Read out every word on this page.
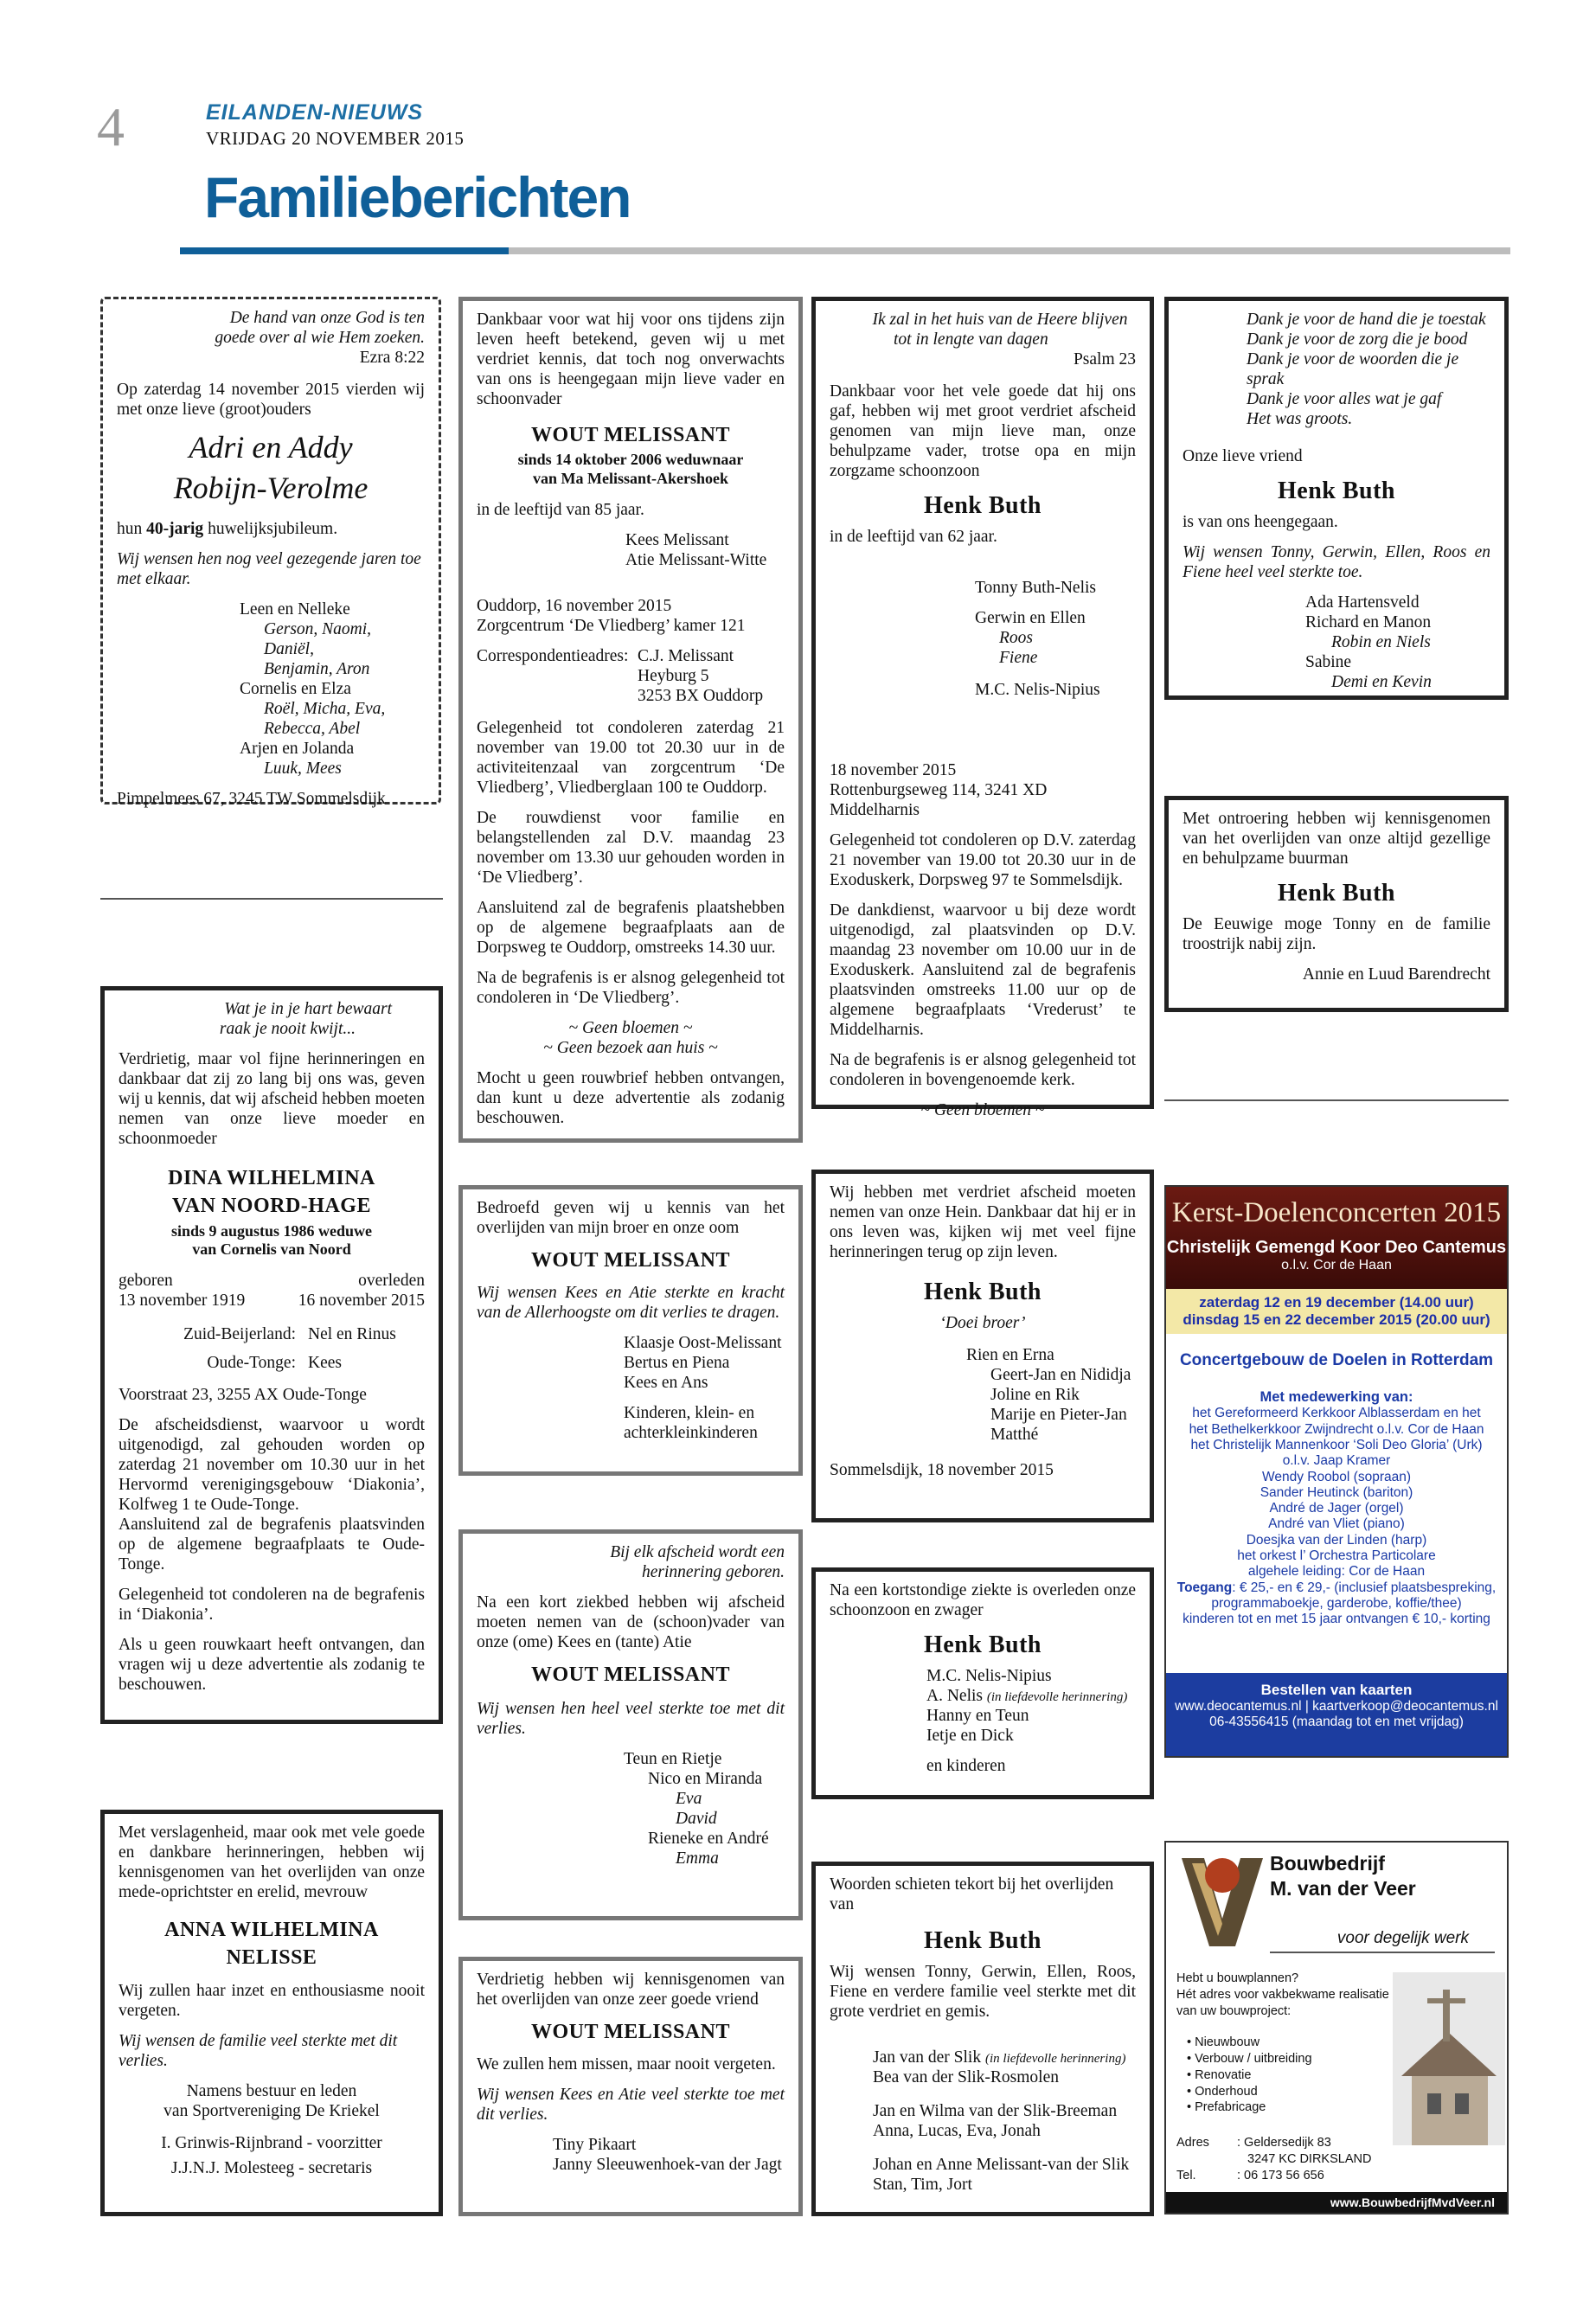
4	EILANDEN-NIEUWS
VRIJDAG 20 NOVEMBER 2015
Familieberichten
De hand van onze God is ten
goede over al wie Hem zoeken.
Ezra 8:22

Op zaterdag 14 november 2015 vierden wij met onze lieve (groot)ouders

Adri en Addy
Robijn-Verolme

hun 40-jarig huwelijksjubileum.

Wij wensen hen nog veel gezegende jaren toe met elkaar.

Leen en Nelleke
Gerson, Naomi, Daniël,
Benjamin, Aron
Cornelis en Elza
Roël, Micha, Eva,
Rebecca, Abel
Arjen en Jolanda
Luuk, Mees
Pimpelmees 67, 3245 TW Sommelsdijk
Wat je in je hart bewaart
raak je nooit kwijt...

Verdrietig, maar vol fijne herinneringen en dankbaar dat zij zo lang bij ons was, geven wij u kennis, dat wij afscheid hebben moeten nemen van onze lieve moeder en schoonmoeder

DINA WILHELMINA
VAN NOORD-HAGE
sinds 9 augustus 1986 weduwe
van Cornelis van Noord
geboren
13 november 1919
overleden
16 november 2015
Zuid-Beijerland: Nel en Rinus
Oude-Tonge: Kees

Voorstraat 23, 3255 AX Oude-Tonge

De afscheidsdienst, waarvoor u wordt uitgenodigd, zal gehouden worden op zaterdag 21 november om 10.30 uur in het Hervormd verenigingsgebouw ‘Diakonia’, Kolfweg 1 te Oude-Tonge.

Aansluitend zal de begrafenis plaatsvinden op de algemene begraafplaats te Oude-Tonge.

Gelegenheid tot condoleren na de begrafenis in ‘Diakonia’.

Als u geen rouwkaart heeft ontvangen, dan vragen wij u deze advertentie als zodanig te beschouwen.

Met verslagenheid, maar ook met vele goede en dankbare herinneringen, hebben wij kennisgenomen van het overlijden van onze mede-oprichtster en erelid, mevrouw

ANNA WILHELMINA
NELISSE

Wij zullen haar inzet en enthousiasme nooit vergeten.

Wij wensen de familie veel sterkte met dit verlies.

Namens bestuur en leden
van Sportvereniging De Kriekel
I. Grinwis-Rijnbrand - voorzitter
J.J.N.J. Molesteeg - secretaris

Dankbaar voor wat hij voor ons tijdens zijn leven heeft betekend, geven wij u met verdriet kennis, dat toch nog onverwachts van ons is heengegaan mijn lieve vader en schoonvader

WOUT MELISSANT
sinds 14 oktober 2006 weduwnaar
van Ma Melissant-Akershoek

in de leeftijd van 85 jaar.

Kees Melissant
Atie Melissant-Witte
Ouddorp, 16 november 2015

Zorgcentrum ‘De Vliedberg’ kamer 121

Correspondentieadres: C.J. Melissant
Heyburg 5
3253 BX Ouddorp

Gelegenheid tot condoleren zaterdag 21 november van 19.00 tot 20.30 uur in de activiteitenzaal van zorgcentrum ‘De Vliedberg’, Vliedberglaan 100 te Ouddorp.

De rouwdienst voor familie en belangstellenden zal D.V. maandag 23 november om 13.30 uur gehouden worden in ‘De Vliedberg’.

Aansluitend zal de begrafenis plaatshebben op de algemene begraafplaats aan de Dorpsweg te Ouddorp, omstreeks 14.30 uur.

Na de begrafenis is er alsnog gelegenheid tot condoleren in ‘De Vliedberg’.

~ Geen bloemen ~

~ Geen bezoek aan huis ~

Mocht u geen rouwbrief hebben ontvangen, dan kunt u deze advertentie als zodanig beschouwen.

Bedroefd geven wij u kennis van het overlijden van mijn broer en onze oom

WOUT MELISSANT

Wij wensen Kees en Atie sterkte en kracht van de Allerhoogste om dit verlies te dragen.

Klaasje Oost-Melissant
Bertus en Piena
Kees en Ans
Kinderen, klein- en
achterkleinkinderen
Bij elk afscheid wordt een
herinnering geboren.

Na een kort ziekbed hebben wij afscheid moeten nemen van de (schoon)vader van onze (ome) Kees en (tante) Atie

WOUT MELISSANT

Wij wensen hen heel veel sterkte toe met dit verlies.

Teun en Rietje
Nico en Miranda
Eva
David
Rieneke en André
Emma

Verdrietig hebben wij kennisgenomen van het overlijden van onze zeer goede vriend

WOUT MELISSANT

We zullen hem missen, maar nooit vergeten.

Wij wensen Kees en Atie veel sterkte toe met dit verlies.

Tiny Pikaart
Janny Sleeuwenhoek-van der Jagt
Ik zal in het huis van de Heere blijven
tot in lengte van dagen
Psalm 23

Dankbaar voor het vele goede dat hij ons gaf, hebben wij met groot verdriet afscheid genomen van mijn lieve man, onze behulpzame vader, trotse opa en mijn zorgzame schoonzoon

Henk Buth

in de leeftijd van 62 jaar.

Tonny Buth-Nelis
Gerwin en Ellen
Roos
Fiene
M.C. Nelis-Nipius
18 november 2015

Rottenburgseweg 114, 3241 XD Middelharnis

Gelegenheid tot condoleren op D.V. zaterdag 21 november van 19.00 tot 20.30 uur in de Exoduskerk, Dorpsweg 97 te Sommelsdijk.

De dankdienst, waarvoor u bij deze wordt uitgenodigd, zal plaatsvinden op D.V. maandag 23 november om 10.00 uur in de Exoduskerk. Aansluitend zal de begrafenis plaatsvinden omstreeks 11.00 uur op de algemene begraafplaats ‘Vrederust’ te Middelharnis.

Na de begrafenis is er alsnog gelegenheid tot condoleren in bovengenoemde kerk.

~ Geen bloemen ~

Wij hebben met verdriet afscheid moeten nemen van onze Hein. Dankbaar dat hij er in ons leven was, kijken wij met veel fijne herinneringen terug op zijn leven.

Henk Buth
‘Doei broer’
Rien en Erna
Geert-Jan en Nididja
Joline en Rik
Marije en Pieter-Jan
Matthé
Sommelsdijk, 18 november 2015

Na een kortstondige ziekte is overleden onze schoonzoon en zwager

Henk Buth
M.C. Nelis-Nipius
A. Nelis (in liefdevolle herinnering)
Hanny en Teun
Ietje en Dick
en kinderen

Woorden schieten tekort bij het overlijden van

Henk Buth

Wij wensen Tonny, Gerwin, Ellen, Roos, Fiene en verdere familie veel sterkte met dit grote verdriet en gemis.

Jan van der Slik (in liefdevolle herinnering)
Bea van der Slik-Rosmolen
Jan en Wilma van der Slik-Breeman
Anna, Lucas, Eva, Jonah
Johan en Anne Melissant-van der Slik
Stan, Tim, Jort
Dank je voor de hand die je toestak
Dank je voor de zorg die je bood
Dank je voor de woorden die je sprak
Dank je voor alles wat je gaf
Het was groots.

Onze lieve vriend

Henk Buth

is van ons heengegaan.

Wij wensen Tonny, Gerwin, Ellen, Roos en Fiene heel veel sterkte toe.

Ada Hartensveld
Richard en Manon
Robin en Niels
Sabine
Demi en Kevin

Met ontroering hebben wij kennisgenomen van het overlijden van onze altijd gezellige en behulpzame buurman

Henk Buth

De Eeuwige moge Tonny en de familie troostrijk nabij zijn.

Annie en Luud Barendrecht
Kerst-Doelenconcerten 2015
Christelijk Gemengd Koor Deo Cantemus
o.l.v. Cor de Haan
zaterdag 12 en 19 december (14.00 uur)
dinsdag 15 en 22 december 2015 (20.00 uur)
Concertgebouw de Doelen in Rotterdam
Met medewerking van:
het Gereformeerd Kerkkoor Alblasserdam en het
het Bethelkerkkoor Zwijndrecht o.l.v. Cor de Haan
het Christelijk Mannenkoor ‘Soli Deo Gloria’ (Urk)
o.l.v. Jaap Kramer
Wendy Roobol (sopraan)
Sander Heutinck (bariton)
André de Jager (orgel)
André van Vliet (piano)
Doesjka van der Linden (harp)
het orkest l’ Orchestra Particolare
algehele leiding: Cor de Haan
Toegang: € 25,- en € 29,- (inclusief plaatsbespreking,
programmaboekje, garderobe, koffie/thee)
kinderen tot en met 15 jaar ontvangen € 10,- korting
Bestellen van kaarten
www.deocantemus.nl | kaartverkoop@deocantemus.nl
06-43556415 (maandag tot en met vrijdag)
Bouwbedrijf
M. van der Veer
voor degelijk werk
Hebt u bouwplannen?
Hét adres voor vakbekwame realisatie
van uw bouwproject:
• Nieuwbouw
• Verbouw / uitbreiding
• Renovatie
• Onderhoud
• Prefabricage
Adres : Geldersedijk 83
3247 KC DIRKSLAND
Tel.	: 06 173 56 656
www.BouwbedrijfMvdVeer.nl
